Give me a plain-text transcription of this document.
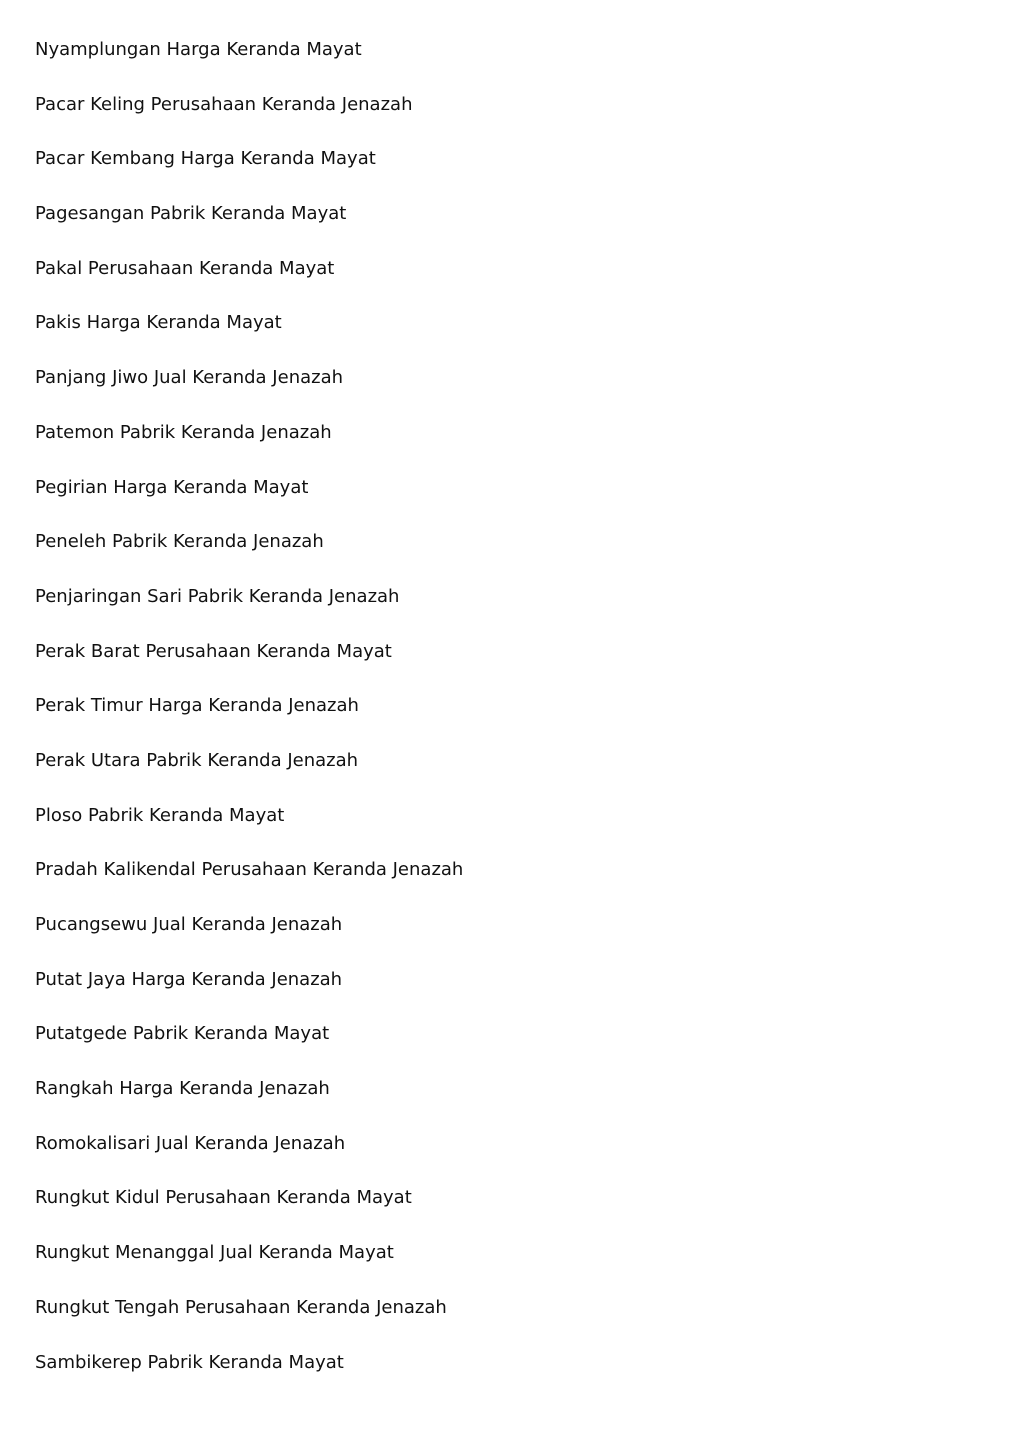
Nyamplungan Harga Keranda Mayat
Pacar Keling Perusahaan Keranda Jenazah
Pacar Kembang Harga Keranda Mayat
Pagesangan Pabrik Keranda Mayat
Pakal Perusahaan Keranda Mayat
Pakis Harga Keranda Mayat
Panjang Jiwo Jual Keranda Jenazah
Patemon Pabrik Keranda Jenazah
Pegirian Harga Keranda Mayat
Peneleh Pabrik Keranda Jenazah
Penjaringan Sari Pabrik Keranda Jenazah
Perak Barat Perusahaan Keranda Mayat
Perak Timur Harga Keranda Jenazah
Perak Utara Pabrik Keranda Jenazah
Ploso Pabrik Keranda Mayat
Pradah Kalikendal Perusahaan Keranda Jenazah
Pucangsewu Jual Keranda Jenazah
Putat Jaya Harga Keranda Jenazah
Putatgede Pabrik Keranda Mayat
Rangkah Harga Keranda Jenazah
Romokalisari Jual Keranda Jenazah
Rungkut Kidul Perusahaan Keranda Mayat
Rungkut Menanggal Jual Keranda Mayat
Rungkut Tengah Perusahaan Keranda Jenazah
Sambikerep Pabrik Keranda Mayat
